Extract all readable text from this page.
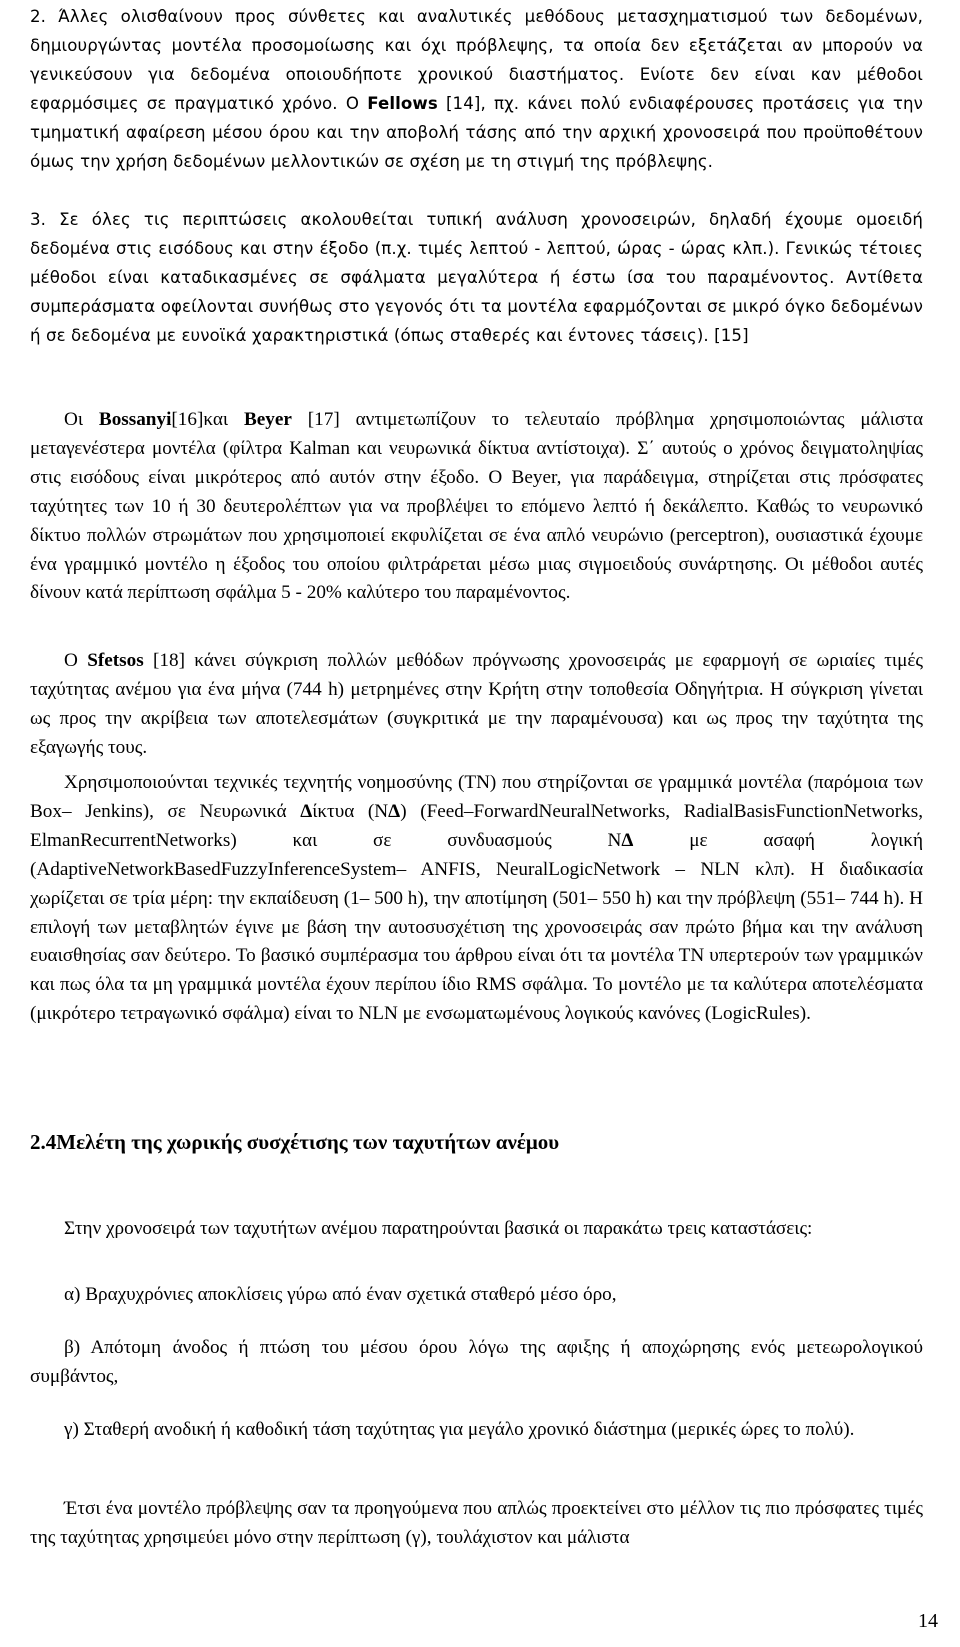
2. Άλλες ολισθαίνουν προς σύνθετες και αναλυτικές μεθόδους μετασχηματισμού των δεδομένων, δημιουργώντας μοντέλα προσομοίωσης και όχι πρόβλεψης, τα οποία δεν εξετάζεται αν μπορούν να γενικεύσουν για δεδομένα οποιουδήποτε χρονικού διαστήματος. Ενίοτε δεν είναι καν μέθοδοι εφαρμόσιμες σε πραγματικό χρόνο. Ο Fellows [14], πχ. κάνει πολύ ενδιαφέρουσες προτάσεις για την τμηματική αφαίρεση μέσου όρου και την αποβολή τάσης από την αρχική χρονοσειρά που προϋποθέτουν όμως την χρήση δεδομένων μελλοντικών σε σχέση με τη στιγμή της πρόβλεψης.
3. Σε όλες τις περιπτώσεις ακολουθείται τυπική ανάλυση χρονοσειρών, δηλαδή έχουμε ομοειδή δεδομένα στις εισόδους και στην έξοδο (π.χ. τιμές λεπτού - λεπτού, ώρας - ώρας κλπ.). Γενικώς τέτοιες μέθοδοι είναι καταδικασμένες σε σφάλματα μεγαλύτερα ή έστω ίσα του παραμένοντος. Αντίθετα συμπεράσματα οφείλονται συνήθως στο γεγονός ότι τα μοντέλα εφαρμόζονται σε μικρό όγκο δεδομένων ή σε δεδομένα με ευνοϊκά χαρακτηριστικά (όπως σταθερές και έντονες τάσεις). [15]
Οι Bossanyi[16]και Beyer [17] αντιμετωπίζουν το τελευταίο πρόβλημα χρησιμοποιώντας μάλιστα μεταγενέστερα μοντέλα (φίλτρα Kalman και νευρωνικά δίκτυα αντίστοιχα). Σ΄ αυτούς ο χρόνος δειγματοληψίας στις εισόδους είναι μικρότερος από αυτόν στην έξοδο. Ο Beyer, για παράδειγμα, στηρίζεται στις πρόσφατες ταχύτητες των 10 ή 30 δευτερολέπτων για να προβλέψει το επόμενο λεπτό ή δεκάλεπτο. Καθώς το νευρωνικό δίκτυο πολλών στρωμάτων που χρησιμοποιεί εκφυλίζεται σε ένα απλό νευρώνιο (perceptron), ουσιαστικά έχουμε ένα γραμμικό μοντέλο η έξοδος του οποίου φιλτράρεται μέσω μιας σιγμοειδούς συνάρτησης. Οι μέθοδοι αυτές δίνουν κατά περίπτωση σφάλμα 5 - 20% καλύτερο του παραμένοντος.
Ο Sfetsos [18] κάνει σύγκριση πολλών μεθόδων πρόγνωσης χρονοσειράς με εφαρμογή σε ωριαίες τιμές ταχύτητας ανέμου για ένα μήνα (744 h) μετρημένες στην Κρήτη στην τοποθεσία Οδηγήτρια. Η σύγκριση γίνεται ως προς την ακρίβεια των αποτελεσμάτων (συγκριτικά με την παραμένουσα) και ως προς την ταχύτητα της εξαγωγής τους.
Χρησιμοποιούνται τεχνικές τεχνητής νοημοσύνης (ΤΝ) που στηρίζονται σε γραμμικά μοντέλα (παρόμοια των Box– Jenkins), σε Νευρωνικά Δίκτυα (ΝΔ) (Feed–ForwardNeuralNetworks, RadialBasisFunctionNetworks, ElmanRecurrentNetworks) και σε συνδυασμούς ΝΔ με ασαφή λογική (AdaptiveNetworkBasedFuzzyInferenceSystem– ANFIS, NeuralLogicNetwork – NLN κλπ). Η διαδικασία χωρίζεται σε τρία μέρη: την εκπαίδευση (1– 500 h), την αποτίμηση (501– 550 h) και την πρόβλεψη (551– 744 h). Η επιλογή των μεταβλητών έγινε με βάση την αυτοσυσχέτιση της χρονοσειράς σαν πρώτο βήμα και την ανάλυση ευαισθησίας σαν δεύτερο. Το βασικό συμπέρασμα του άρθρου είναι ότι τα μοντέλα ΤΝ υπερτερούν των γραμμικών και πως όλα τα μη γραμμικά μοντέλα έχουν περίπου ίδιο RMS σφάλμα. Το μοντέλο με τα καλύτερα αποτελέσματα (μικρότερο τετραγωνικό σφάλμα) είναι το NLN με ενσωματωμένους λογικούς κανόνες (LogicRules).
2.4Μελέτη της χωρικής συσχέτισης των ταχυτήτων ανέμου
Στην χρονοσειρά των ταχυτήτων ανέμου παρατηρούνται βασικά οι παρακάτω τρεις καταστάσεις:
α) Βραχυχρόνιες αποκλίσεις γύρω από έναν σχετικά σταθερό μέσο όρο,
β) Απότομη άνοδος ή πτώση του μέσου όρου λόγω της αφιξης ή αποχώρησης ενός μετεωρολογικού συμβάντος,
γ) Σταθερή ανοδική ή καθοδική τάση ταχύτητας για μεγάλο χρονικό διάστημα (μερικές ώρες το πολύ).
Έτσι ένα μοντέλο πρόβλεψης σαν τα προηγούμενα που απλώς προεκτείνει στο μέλλον τις πιο πρόσφατες τιμές της ταχύτητας χρησιμεύει μόνο στην περίπτωση (γ), τουλάχιστον και μάλιστα
14
